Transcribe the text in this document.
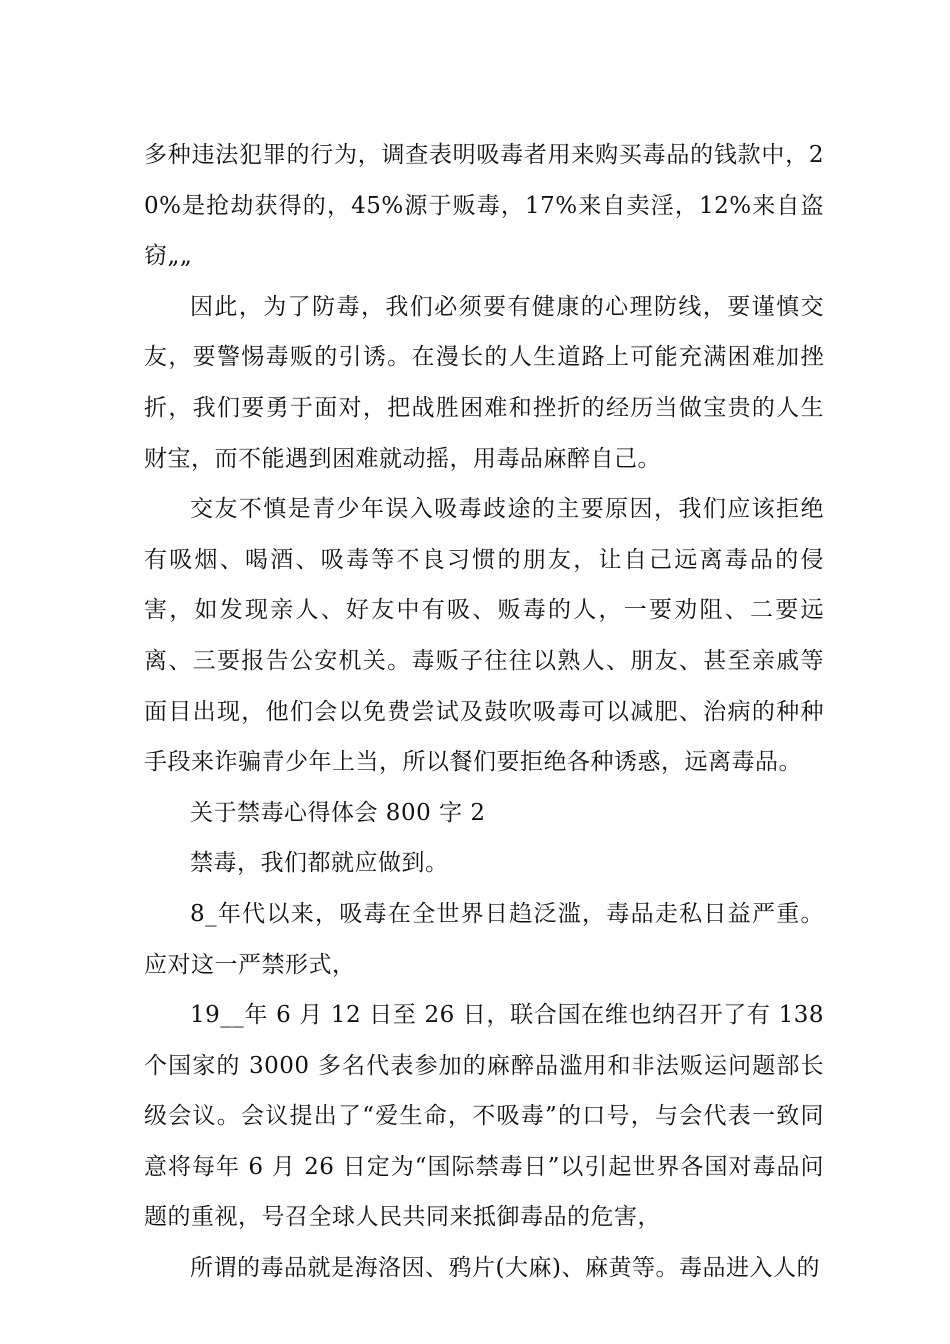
多种违法犯罪的行为，调查表明吸毒者用来购买毒品的钱款中，20%是抢劫获得的，45%源于贩毒，17%来自卖淫，12%来自盗窃„„

因此，为了防毒，我们必须要有健康的心理防线，要谨慎交友，要警惕毒贩的引诱。在漫长的人生道路上可能充满困难加挫折，我们要勇于面对，把战胜困难和挫折的经历当做宝贵的人生财宝，而不能遇到困难就动摇，用毒品麻醉自己。

交友不慎是青少年误入吸毒歧途的主要原因，我们应该拒绝有吸烟、喝酒、吸毒等不良习惯的朋友，让自己远离毒品的侵害，如发现亲人、好友中有吸、贩毒的人，一要劝阻、二要远离、三要报告公安机关。毒贩子往往以熟人、朋友、甚至亲戚等面目出现，他们会以免费尝试及鼓吹吸毒可以减肥、治病的种种手段来诈骗青少年上当，所以餐们要拒绝各种诱惑，远离毒品。

关于禁毒心得体会 800 字 2

禁毒，我们都就应做到。

8_年代以来，吸毒在全世界日趋泛滥，毒品走私日益严重。应对这一严禁形式，

19__年 6 月 12 日至 26 日，联合国在维也纳召开了有 138 个国家的 3000 多名代表参加的麻醉品滥用和非法贩运问题部长级会议。会议提出了“爱生命，不吸毒”的口号，与会代表一致同意将每年 6 月 26 日定为“国际禁毒日”以引起世界各国对毒品问题的重视，号召全球人民共同来抵御毒品的危害，

所谓的毒品就是海洛因、鸦片(大麻)、麻黄等。毒品进入人的
